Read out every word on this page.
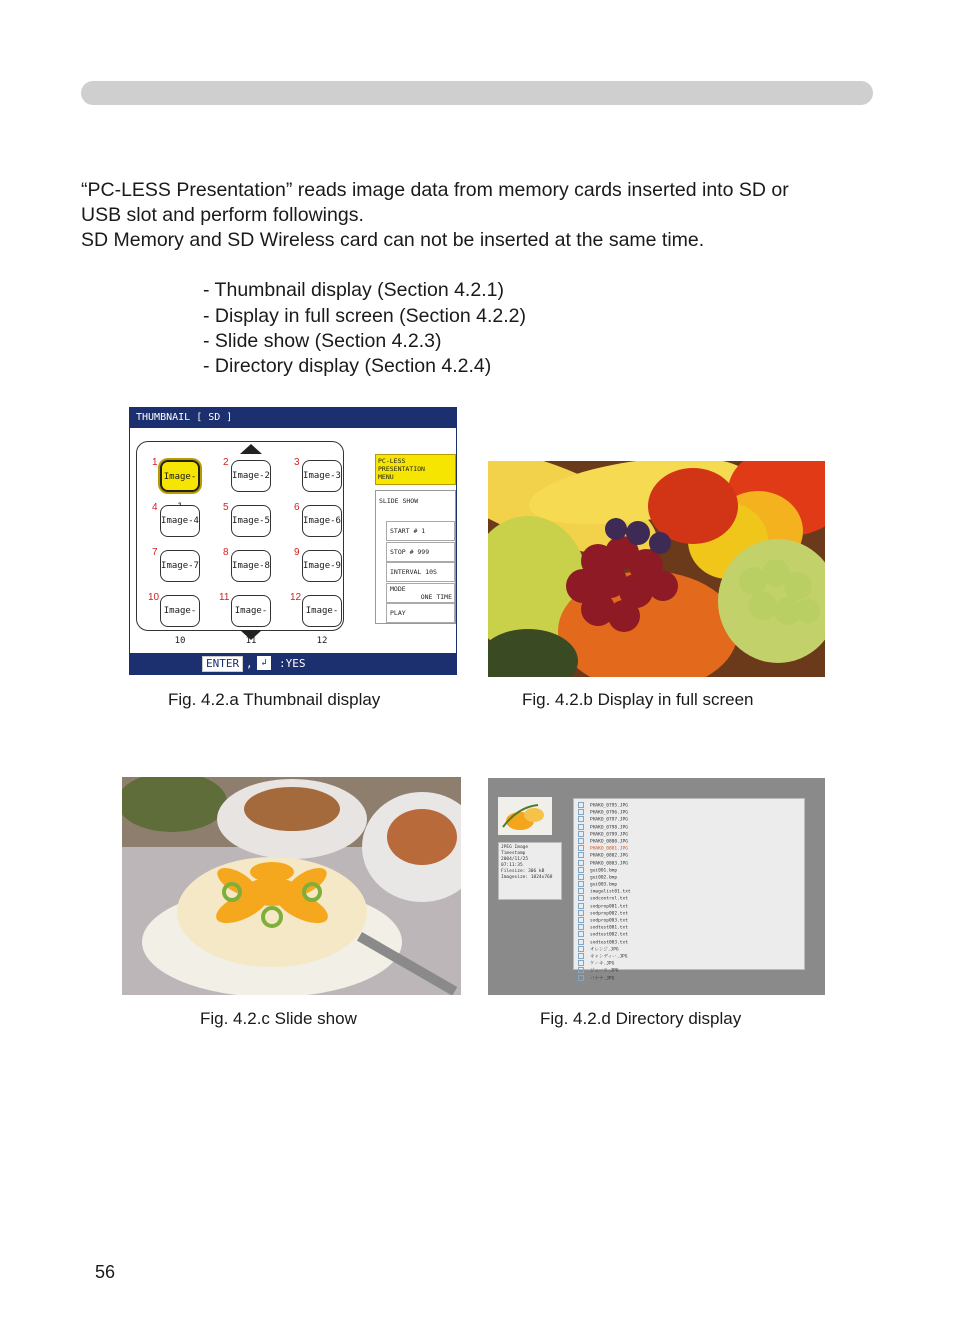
“PC-LESS Presentation” reads image data from memory cards inserted into SD or
USB slot and perform followings.
SD Memory and SD Wireless card can not be inserted at the same time.
- Thumbnail display (Section 4.2.1)
- Display in full screen (Section 4.2.2)
- Slide show (Section 4.2.3)
- Directory display (Section 4.2.4)
THUMBNAIL [ SD ]
1
Image-
2
Image-2
3
Image-3
4
Image-4
5
Image-5
6
Image-6
7
Image-7
8
Image-8
9
Image-9
10
Image-10
11
Image-11
12
Image-12
PC-LESS
PRESENTATION
MENU
SLIDE SHOW
START # 1
STOP # 999
INTERVAL 10S
MODE
ONE TIME
PLAY
ENTER , ↲	:YES
JPEG Image
Timestamp
2004/11/25
07:11:35
Filesize: 306 kB
Imagesize: 1024x768
PHAKO_0795.JPG
PHAKO_0796.JPG
PHAKO_0797.JPG
PHAKO_0798.JPG
PHAKO_0799.JPG
PHAKO_0800.JPG
PHAKO_0801.JPG
PHAKO_0802.JPG
PHAKO_0803.JPG
gui001.bmp
gui002.bmp
gui003.bmp
imagelist01.txt
sodcontrol.txt
sodprop001.txt
sodprop002.txt
sodprop003.txt
sodtest001.txt
sodtest002.txt
sodtest003.txt
オレンジ.JPG
キャンディー.JPG
ケーキ.JPG
ジュース.JPG
バナナ.JPG
Fig. 4.2.a Thumbnail display	Fig. 4.2.b Display in full screen
Fig. 4.2.c Slide show	Fig. 4.2.d Directory display
56
